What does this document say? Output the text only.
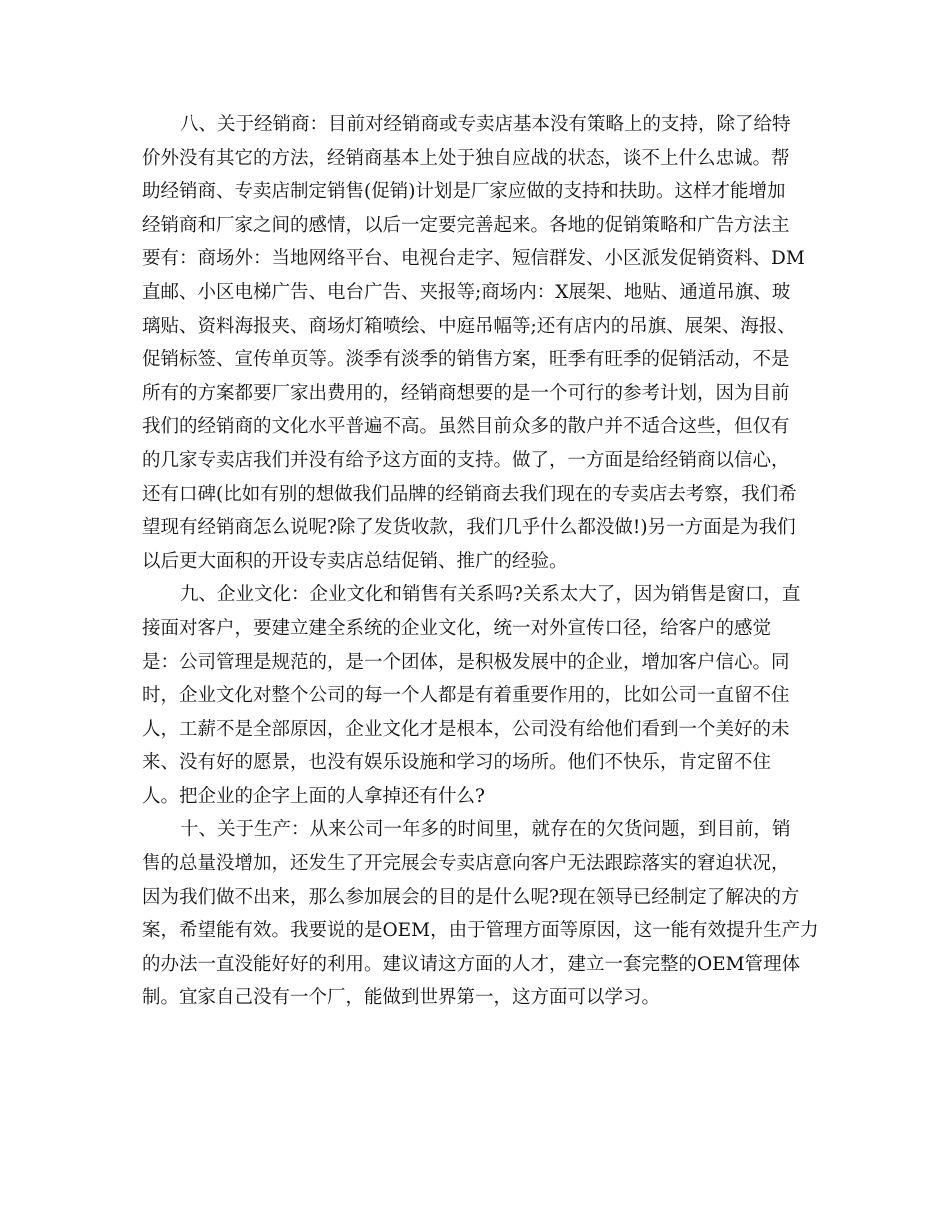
八、关于经销商：目前对经销商或专卖店基本没有策略上的支持，除了给特
价外没有其它的方法，经销商基本上处于独自应战的状态，谈不上什么忠诚。帮
助经销商、专卖店制定销售(促销)计划是厂家应做的支持和扶助。这样才能增加
经销商和厂家之间的感情，以后一定要完善起来。各地的促销策略和广告方法主
要有：商场外：当地网络平台、电视台走字、短信群发、小区派发促销资料、DM
直邮、小区电梯广告、电台广告、夹报等;商场内：X展架、地贴、通道吊旗、玻
璃贴、资料海报夹、商场灯箱喷绘、中庭吊幅等;还有店内的吊旗、展架、海报、
促销标签、宣传单页等。淡季有淡季的销售方案，旺季有旺季的促销活动，不是
所有的方案都要厂家出费用的，经销商想要的是一个可行的参考计划，因为目前
我们的经销商的文化水平普遍不高。虽然目前众多的散户并不适合这些，但仅有
的几家专卖店我们并没有给予这方面的支持。做了，一方面是给经销商以信心，
还有口碑(比如有别的想做我们品牌的经销商去我们现在的专卖店去考察，我们希
望现有经销商怎么说呢?除了发货收款，我们几乎什么都没做!)另一方面是为我们
以后更大面积的开设专卖店总结促销、推广的经验。

九、企业文化：企业文化和销售有关系吗?关系太大了，因为销售是窗口，直
接面对客户，要建立建全系统的企业文化，统一对外宣传口径，给客户的感觉
是：公司管理是规范的，是一个团体，是积极发展中的企业，增加客户信心。同
时，企业文化对整个公司的每一个人都是有着重要作用的，比如公司一直留不住
人，工薪不是全部原因，企业文化才是根本，公司没有给他们看到一个美好的未
来、没有好的愿景，也没有娱乐设施和学习的场所。他们不快乐，肯定留不住
人。把企业的企字上面的人拿掉还有什么?

十、关于生产：从来公司一年多的时间里，就存在的欠货问题，到目前，销
售的总量没增加，还发生了开完展会专卖店意向客户无法跟踪落实的窘迫状况，
因为我们做不出来，那么参加展会的目的是什么呢?现在领导已经制定了解决的方
案，希望能有效。我要说的是OEM，由于管理方面等原因，这一能有效提升生产力
的办法一直没能好好的利用。建议请这方面的人才，建立一套完整的OEM管理体
制。宜家自己没有一个厂，能做到世界第一，这方面可以学习。
